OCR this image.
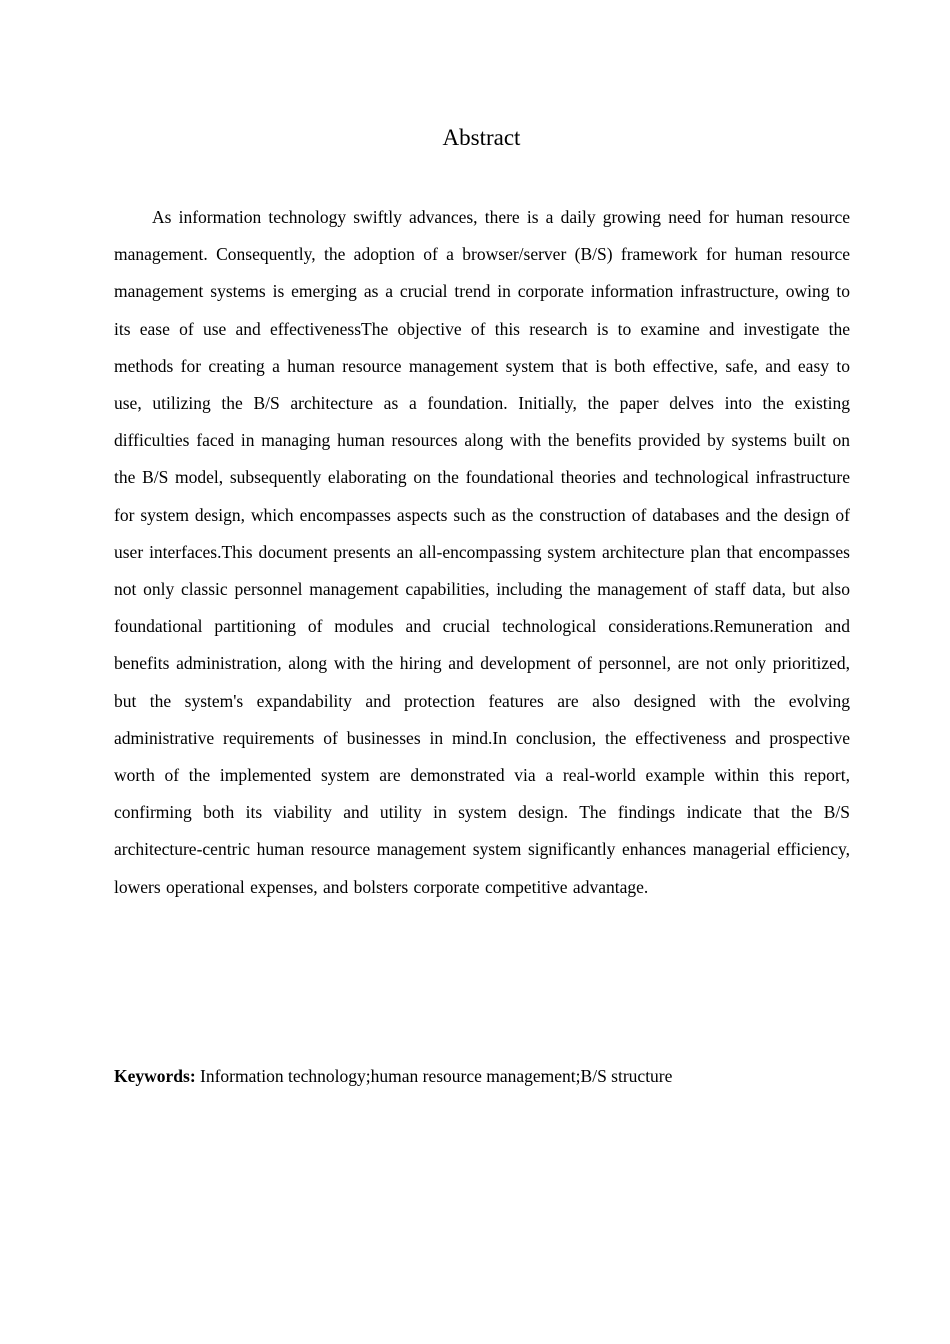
Abstract

As information technology swiftly advances, there is a daily growing need for human resource management. Consequently, the adoption of a browser/server (B/S) framework for human resource management systems is emerging as a crucial trend in corporate information infrastructure, owing to its ease of use and effectivenessThe objective of this research is to examine and investigate the methods for creating a human resource management system that is both effective, safe, and easy to use, utilizing the B/S architecture as a foundation. Initially, the paper delves into the existing difficulties faced in managing human resources along with the benefits provided by systems built on the B/S model, subsequently elaborating on the foundational theories and technological infrastructure for system design, which encompasses aspects such as the construction of databases and the design of user interfaces.This document presents an all-encompassing system architecture plan that encompasses not only classic personnel management capabilities, including the management of staff data, but also foundational partitioning of modules and crucial technological considerations.Remuneration and benefits administration, along with the hiring and development of personnel, are not only prioritized, but the system's expandability and protection features are also designed with the evolving administrative requirements of businesses in mind.In conclusion, the effectiveness and prospective worth of the implemented system are demonstrated via a real-world example within this report, confirming both its viability and utility in system design. The findings indicate that the B/S architecture-centric human resource management system significantly enhances managerial efficiency, lowers operational expenses, and bolsters corporate competitive advantage.

Keywords: Information technology;human resource management;B/S structure
